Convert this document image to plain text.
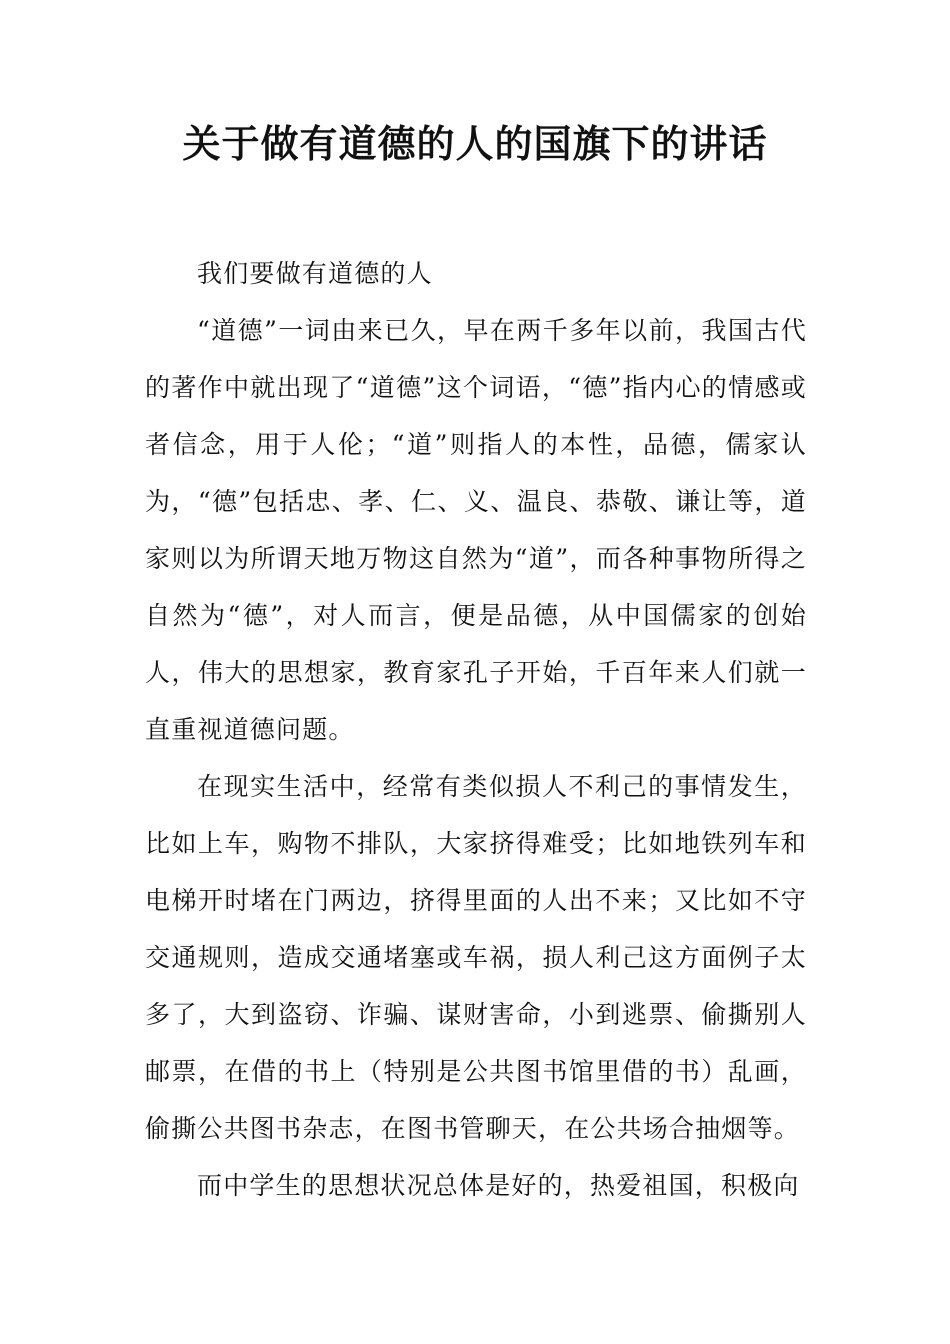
关于做有道德的人的国旗下的讲话

我们要做有道德的人

“道德”一词由来已久，早在两千多年以前，我国古代的著作中就出现了“道德”这个词语，“德”指内心的情感或者信念，用于人伦；“道”则指人的本性，品德，儒家认为，“德”包括忠、孝、仁、义、温良、恭敬、谦让等，道家则以为所谓天地万物这自然为“道”，而各种事物所得之自然为“德”，对人而言，便是品德，从中国儒家的创始人，伟大的思想家，教育家孔子开始，千百年来人们就一直重视道德问题。

在现实生活中，经常有类似损人不利己的事情发生，比如上车，购物不排队，大家挤得难受；比如地铁列车和电梯开时堵在门两边，挤得里面的人出不来；又比如不守交通规则，造成交通堵塞或车祸，损人利己这方面例子太多了，大到盗窃、诈骗、谋财害命，小到逃票、偷撕别人邮票，在借的书上（特别是公共图书馆里借的书）乱画，偷撕公共图书杂志，在图书管聊天，在公共场合抽烟等。

而中学生的思想状况总体是好的，热爱祖国，积极向
